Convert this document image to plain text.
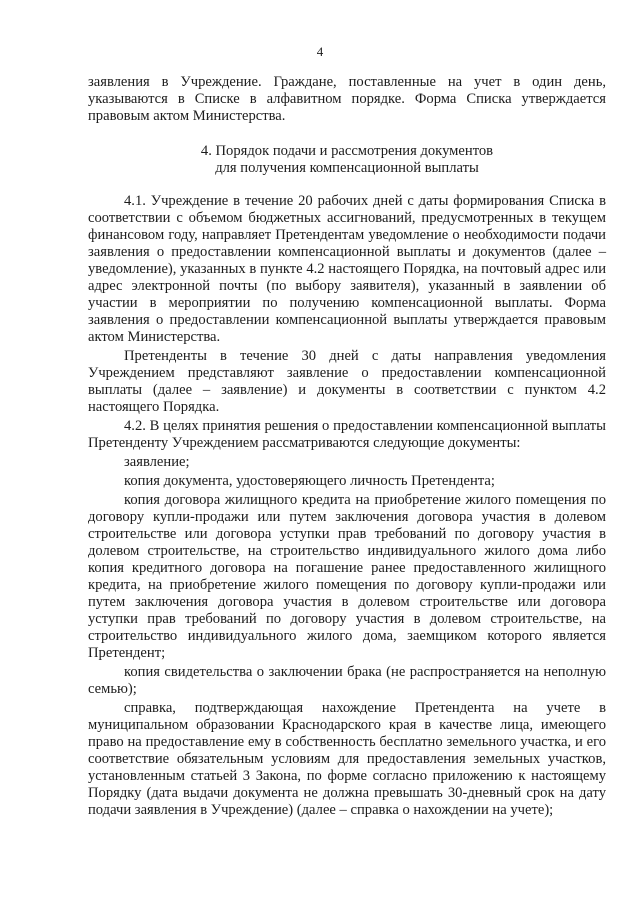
4

заявления в Учреждение. Граждане, поставленные на учет в один день, указываются в Списке в алфавитном порядке. Форма Списка утверждается правовым актом Министерства.

4. Порядок подачи и рассмотрения документов
для получения компенсационной выплаты

4.1. Учреждение в течение 20 рабочих дней с даты формирования Списка в соответствии с объемом бюджетных ассигнований, предусмотренных в текущем финансовом году, направляет Претендентам уведомление о необходимости подачи заявления о предоставлении компенсационной выплаты и документов (далее – уведомление), указанных в пункте 4.2 настоящего Порядка, на почтовый адрес или адрес электронной почты (по выбору заявителя), указанный в заявлении об участии в мероприятии по получению компенсационной выплаты. Форма заявления о предоставлении компенсационной выплаты утверждается правовым актом Министерства.

Претенденты в течение 30 дней с даты направления уведомления Учреждением представляют заявление о предоставлении компенсационной выплаты (далее – заявление) и документы в соответствии с пунктом 4.2 настоящего Порядка.

4.2. В целях принятия решения о предоставлении компенсационной выплаты Претенденту Учреждением рассматриваются следующие документы:

заявление;

копия документа, удостоверяющего личность Претендента;

копия договора жилищного кредита на приобретение жилого помещения по договору купли-продажи или путем заключения договора участия в долевом строительстве или договора уступки прав требований по договору участия в долевом строительстве, на строительство индивидуального жилого дома либо копия кредитного договора на погашение ранее предоставленного жилищного кредита, на приобретение жилого помещения по договору купли-продажи или путем заключения договора участия в долевом строительстве или договора уступки прав требований по договору участия в долевом строительстве, на строительство индивидуального жилого дома, заемщиком которого является Претендент;

копия свидетельства о заключении брака (не распространяется на неполную семью);

справка, подтверждающая нахождение Претендента на учете в муниципальном образовании Краснодарского края в качестве лица, имеющего право на предоставление ему в собственность бесплатно земельного участка, и его соответствие обязательным условиям для предоставления земельных участков, установленным статьей 3 Закона, по форме согласно приложению к настоящему Порядку (дата выдачи документа не должна превышать 30-дневный срок на дату подачи заявления в Учреждение) (далее – справка о нахождении на учете);
